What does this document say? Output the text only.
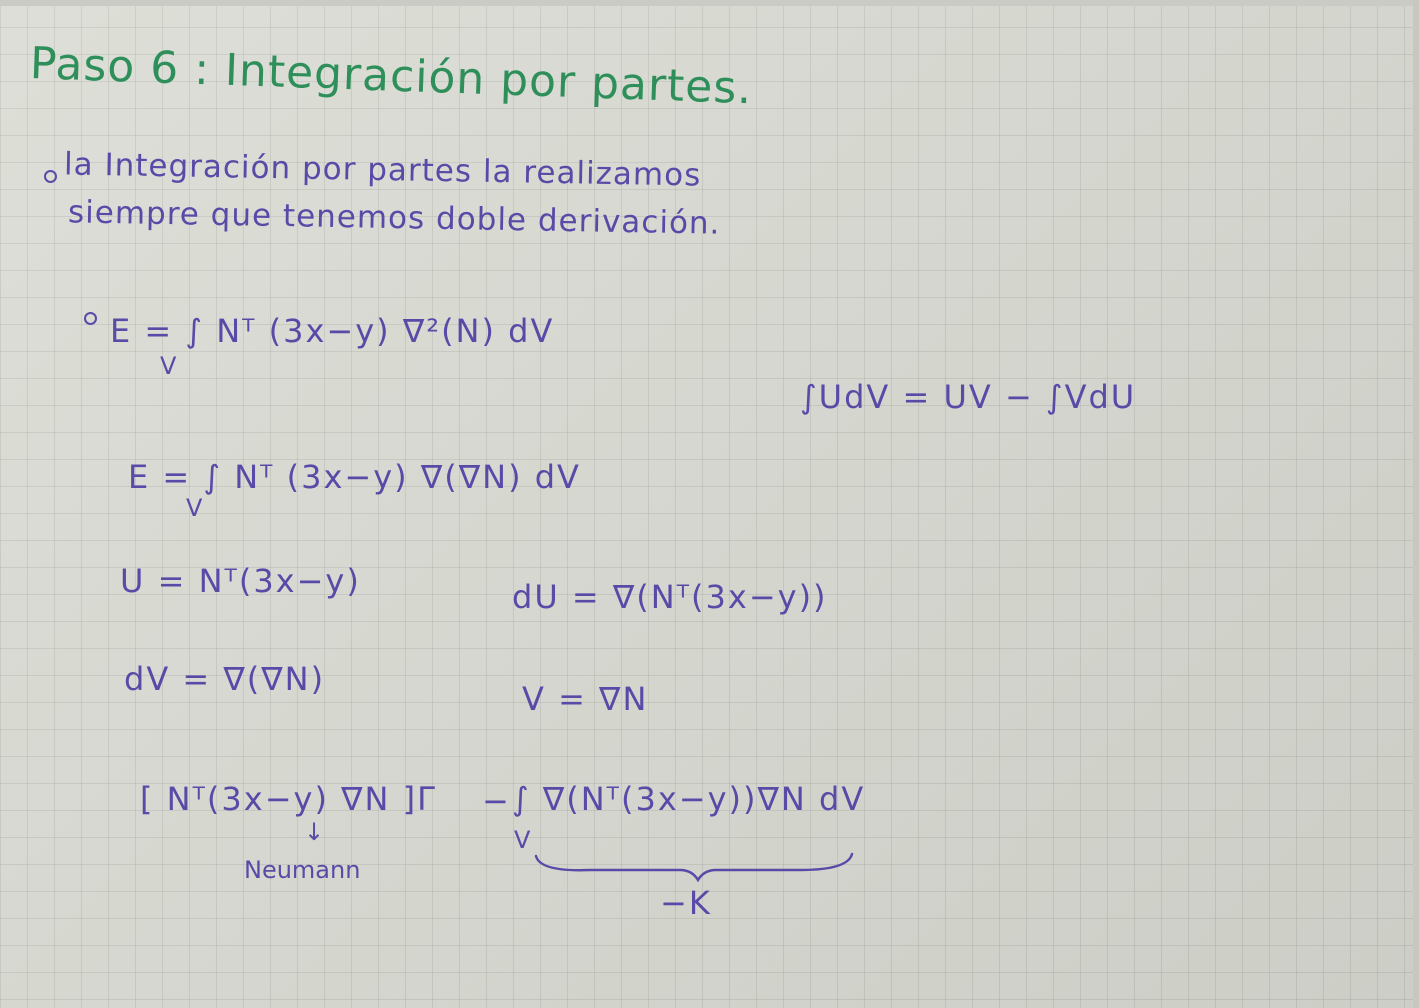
Paso 6 : Integración por partes.
la Integración por partes la realizamos
siempre que tenemos doble derivación.
E = ∫ Nᵀ (3x−y) ∇²(N) dV
V
∫UdV = UV − ∫VdU
E = ∫ Nᵀ (3x−y) ∇(∇N) dV
V
U = Nᵀ(3x−y)	dU = ∇(Nᵀ(3x−y))
dV = ∇(∇N)
V = ∇N
[ Nᵀ(3x−y) ∇N ]Γ − ∫ ∇(Nᵀ(3x−y))∇N dV
V
↓
Neumann
−K
